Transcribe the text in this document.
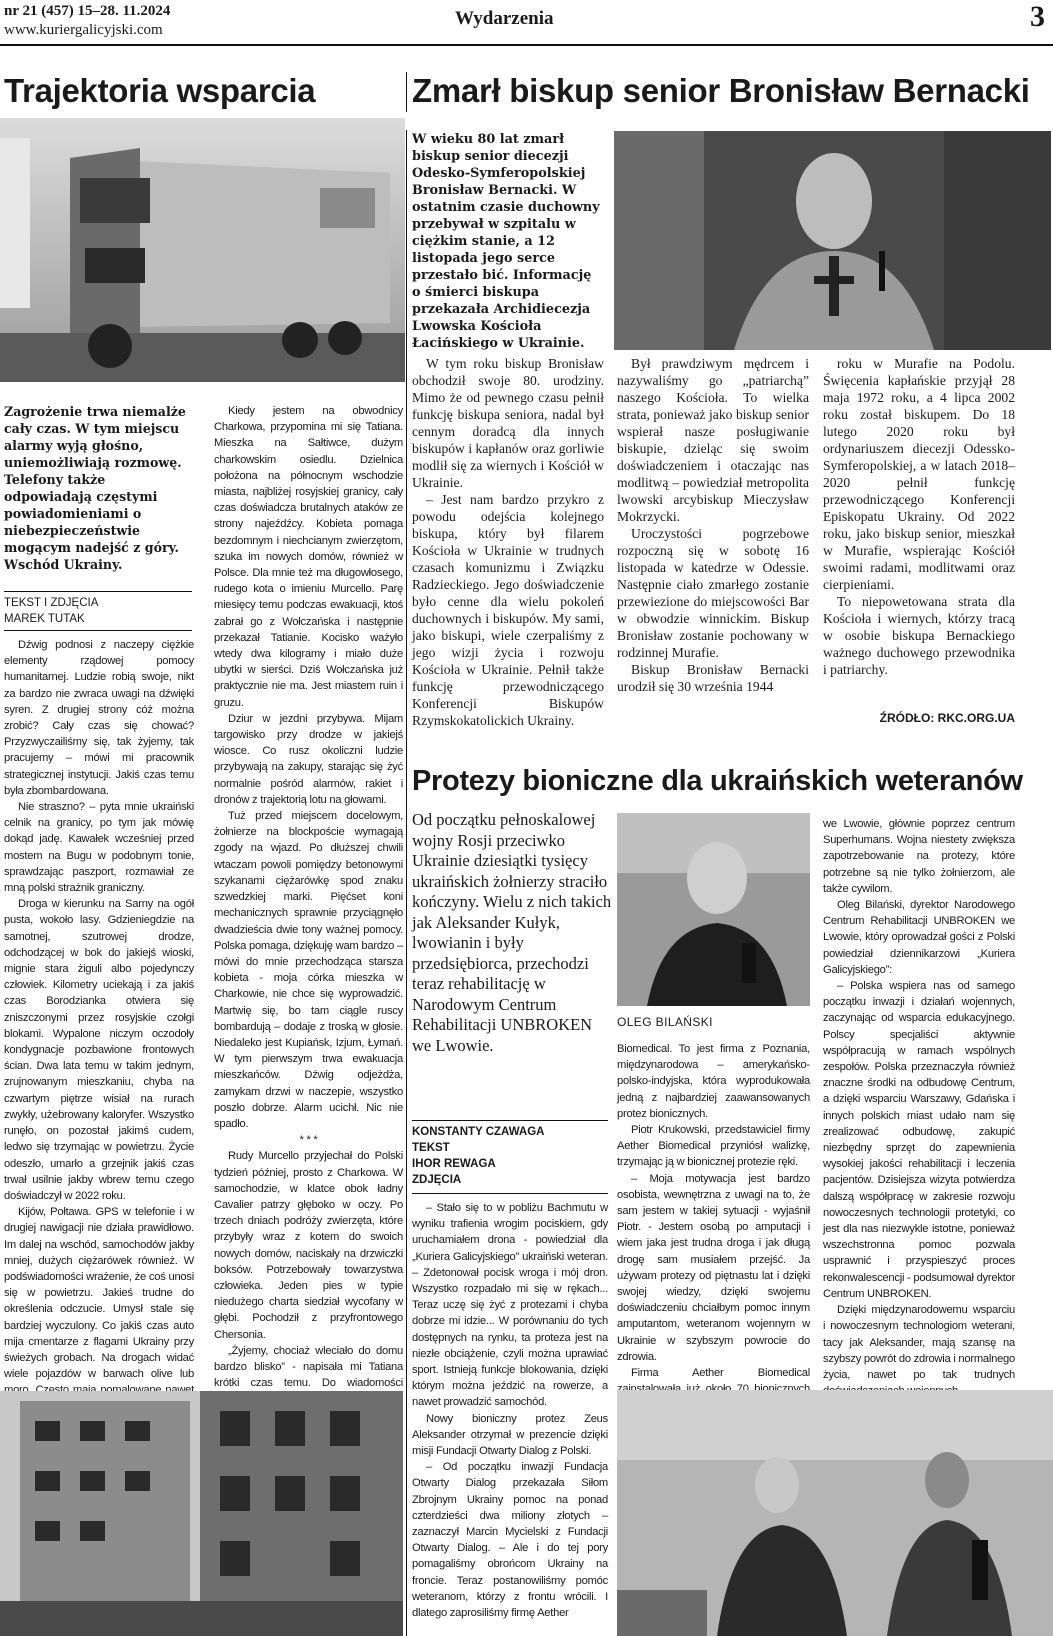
nr 21 (457) 15–28. 11.2024
www.kuriergalicyjski.com
Wydarzenia	3
Trajektoria wsparcia
Zagrożenie trwa niemalże cały czas. W tym miejscu alarmy wyją głośno, uniemożliwiają rozmowę. Telefony także odpowiadają częstymi powiadomieniami o niebezpieczeństwie mogącym nadejść z góry. Wschód Ukrainy.
TEKST I ZDJĘCIA
MAREK TUTAK

Dźwig podnosi z naczepy ciężkie elementy rządowej pomocy humanitarnej. Ludzie robią swoje, nikt za bardzo nie zwraca uwagi na dźwięki syren. Z drugiej strony cóż można zrobić? Cały czas się chować? Przyzwyczailiśmy się, tak żyjemy, tak pracujemy – mówi mi pracownik strategicznej instytucji. Jakiś czas temu była zbombardowana.

Nie straszno? – pyta mnie ukraiński celnik na granicy, po tym jak mówię dokąd jadę. Kawałek wcześniej przed mostem na Bugu w podobnym tonie, sprawdzając paszport, rozmawiał ze mną polski strażnik graniczny.

Droga w kierunku na Sarny na ogół pusta, wokoło lasy. Gdzieniegdzie na samotnej, szutrowej drodze, odchodzącej w bok do jakiejś wioski, mignie stara żiguli albo pojedynczy człowiek. Kilometry uciekają i za jakiś czas Borodzianka otwiera się zniszczonymi przez rosyjskie czołgi blokami. Wypalone niczym oczodoły kondygnacje pozbawione frontowych ścian. Dwa lata temu w takim jednym, zrujnowanym mieszkaniu, chyba na czwartym piętrze wisiał na rurach zwykły, użebrowany kaloryfer. Wszystko runęło, on pozostał jakimś cudem, ledwo się trzymając w powietrzu. Życie odeszło, umarło a grzejnik jakiś czas trwał usilnie jakby wbrew temu czego doświadczył w 2022 roku.

Kijów, Połtawa. GPS w telefonie i w drugiej nawigacji nie działa prawidłowo. Im dalej na wschód, samochodów jakby mniej, dużych ciężarówek również. W podświadomości wrażenie, że coś unosi się w powietrzu. Jakieś trudne do określenia odczucie. Umysł stale się bardziej wyczulony. Co jakiś czas auto mija cmentarze z flagami Ukrainy przy świeżych grobach. Na drogach widać wiele pojazdów w barwach olive lub

Kiedy jestem na obwodnicy Charkowa, przypomina mi się Tatiana. Mieszka na Sałtiwce, dużym charkowskim osiedlu. Dzielnica położona na północnym wschodzie miasta, najbliżej rosyjskiej granicy, cały czas doświadcza brutalnych ataków ze strony najeźdźcy. Kobieta pomaga bezdomnym i niechcianym zwierzętom, szuka im nowych domów, również w Polsce. Dla mnie też ma długowłosego, rudego kota o imieniu Murcello. Parę miesięcy temu podczas ewakuacji, ktoś zabrał go z Wołczańska i następnie przekazał Tatianie. Kocisko ważyło wtedy dwa kilogramy i miało duże ubytki w sierści. Dziś Wołczańska już praktycznie nie ma. Jest miastem ruin i gruzu.

Dziur w jezdni przybywa. Mijam targowisko przy drodze w jakiejś wiosce. Co rusz okoliczni ludzie przybywają na zakupy, starając się żyć normalnie pośród alarmów, rakiet i dronów z trajektorią lotu na głowami.

Tuż przed miejscem docelowym, żołnierze na blockpoście wymagają zgody na wjazd. Po dłuższej chwili wtaczam powoli pomiędzy betonowymi szykanami ciężarówkę spod znaku szwedzkiej marki. Pięćset koni mechanicznych sprawnie przyciągnęło dwadzieścia dwie tony ważnej pomocy. Polska pomaga, dziękuję wam bardzo – mówi do mnie przechodząca starsza kobieta - moja córka mieszka w Charkowie, nie chce się wyprowadzić. Martwię się, bo tam ciągle ruscy bombardują – dodaje z troską w głosie. Niedaleko jest Kupiańsk, Izjum, Łymań. W tym pierwszym trwa ewakuacja mieszkańców. Dźwig odjeżdża, zamykam drzwi w naczepie, wszystko poszło dobrze. Alarm ucichł. Nic nie spadło.

* * *

Rudy Murcello przyjechał do Polski tydzień później, prosto z Charkowa. W samochodzie, w klatce obok ładny Cavalier patrzy głęboko w oczy. Po trzech dniach podróży zwierzęta, które przybyły wraz z kotem do swoich nowych domów, naciskały na drzwiczki boksów. Potrzebowały towarzystwa człowieka. Jeden pies w typie niedużego charta siedział wycofany w głębi. Pochodził z przyfrontowego Chersonia.

„Żyjemy, chociaż wleciało do domu bardzo blisko” - napisała mi Tatiana krótki czas temu. Do wiadomości

Zmarł biskup senior Bronisław Bernacki
W wieku 80 lat zmarł biskup senior diecezji Odesko-Symferopolskiej Bronisław Bernacki. W ostatnim czasie duchowny przebywał w szpitalu w ciężkim stanie, a 12 listopada jego serce przestało bić. Informację o śmierci biskupa przekazała Archidiecezja Lwowska Kościoła Łacińskiego w Ukrainie.

W tym roku biskup Bronisław obchodził swoje 80. urodziny. Mimo że od pewnego czasu pełnił funkcję biskupa seniora, nadal był cennym doradcą dla innych biskupów i kapłanów oraz gorliwie modlił się za wiernych i Kościół w Ukrainie.

– Jest nam bardzo przykro z powodu odejścia kolejnego biskupa, który był filarem Kościoła w Ukrainie w trudnych czasach komunizmu i Związku Radzieckiego. Jego doświadczenie było cenne dla wielu pokoleń duchownych i biskupów. My sami, jako biskupi, wiele czerpaliśmy z jego wizji życia i rozwoju Kościoła w Ukrainie. Pełnił także funkcję przewodniczącego Konferencji Biskupów Rzymskokatolickich Ukrainy.

Był prawdziwym mędrcem i nazywaliśmy go „patriarchą” naszego Kościoła. To wielka strata, ponieważ jako biskup senior wspierał nasze posługiwanie biskupie, dzieląc się swoim doświadczeniem i otaczając nas modlitwą – powiedział metropolita lwowski arcybiskup Mieczysław Mokrzycki.

Uroczystości pogrzebowe rozpoczną się w sobotę 16 listopada w katedrze w Odessie. Następnie ciało zmarłego zostanie przewiezione do miejscowości Bar w obwodzie winnickim. Biskup Bronisław zostanie pochowany w rodzinnej Murafie.

Biskup Bronisław Bernacki urodził się 30 września 1944

roku w Murafie na Podolu. Święcenia kapłańskie przyjął 28 maja 1972 roku, a 4 lipca 2002 roku został biskupem. Do 18 lutego 2020 roku był ordynariuszem diecezji Odessko-Symferopolskiej, a w latach 2018–2020 pełnił funkcję przewodniczącego Konferencji Episkopatu Ukrainy. Od 2022 roku, jako biskup senior, mieszkał w Murafie, wspierając Kościół swoimi radami, modlitwami oraz cierpieniami.

To niepowetowana strata dla Kościoła i wiernych, którzy tracą w osobie biskupa Bernackiego ważnego duchowego przewodnika i patriarchy.

ŹRÓDŁO: RKC.ORG.UA
Protezy bioniczne dla ukraińskich weteranów
Od początku pełnoskalowej wojny Rosji przeciwko Ukrainie dziesiątki tysięcy ukraińskich żołnierzy straciło kończyny. Wielu z nich takich jak Aleksander Kułyk, lwowianin i były przedsiębiorca, przechodzi teraz rehabilitację w Narodowym Centrum Rehabilitacji UNBROKEN we Lwowie.
KONSTANTY CZAWAGA
TEKST
IHOR REWAGA
ZDJĘCIA

– Stało się to w pobliżu Bachmutu w wyniku trafienia wrogim pociskiem, gdy uruchamiałem drona - powiedział dla „Kuriera Galicyjskiego” ukraiński weteran. – Zdetonował pocisk wroga i mój dron. Wszystko rozpadało mi się w rękach... Teraz uczę się żyć z protezami i chyba dobrze mi idzie... W porównaniu do tych dostępnych na rynku, ta proteza jest na niezłe obciążenie, czyli można uprawiać sport. Istnieją funkcje blokowania, dzięki którym można jeździć na rowerze, a nawet prowadzić samochód.

Nowy bioniczny protez Zeus Aleksander otrzymał w prezencie dzięki misji Fundacji Otwarty Dialog z Polski.

– Od początku inwazji Fundacja Otwarty Dialog przekazała Siłom Zbrojnym Ukrainy pomoc na ponad czterdzieści dwa miliony złotych – zaznaczył Marcin Mycielski z Fundacji Otwarty Dialog. – Ale i do tej pory pomagaliśmy obrońcom Ukrainy na froncie. Teraz postanowiliśmy pomóc weteranom, którzy z frontu wrócili. I dlatego zaprosiliśmy firmę Aether

OLEG BILAŃSKI

Biomedical. To jest firma z Poznania, międzynarodowa – amerykańsko-polsko-indyjska, która wyprodukowała jedną z najbardziej zaawansowanych protez bionicznych.

Piotr Krukowski, przedstawiciel firmy Aether Biomedical przyniósł walizkę, trzymając ją w bionicznej protezie ręki.

– Moja motywacja jest bardzo osobista, wewnętrzna z uwagi na to, że sam jestem w takiej sytuacji - wyjaśnił Piotr. - Jestem osobą po amputacji i wiem jaka jest trudna droga i jak długą drogę sam musiałem przejść. Ja używam protezy od piętnastu lat i dzięki swojej wiedzy, dzięki swojemu doświadczeniu chciałbym pomoc innym amputantom, weteranom wojennym w Ukrainie w szybszym powrocie do zdrowia.

Firma Aether Biomedical

we Lwowie, głównie poprzez centrum Superhumans. Wojna niestety zwiększa zapotrzebowanie na protezy, które potrzebne są nie tylko żołnierzom, ale także cywilom.

Oleg Bilański, dyrektor Narodowego Centrum Rehabilitacji UNBROKEN we Lwowie, który oprowadzał gości z Polski powiedział dziennikarzowi „Kuriera Galicyjskiego”:

– Polska wspiera nas od samego początku inwazji i działań wojennych, zaczynając od wsparcia edukacyjnego. Polscy specjaliści aktywnie współpracują w ramach wspólnych zespołów. Polska przeznaczyła również znaczne środki na odbudowę Centrum, a dzięki wsparciu Warszawy, Gdańska i innych polskich miast udało nam się zrealizować odbudowę, zakupić niezbędny sprzęt do zapewnienia wysokiej jakości rehabilitacji i leczenia pacjentów. Dzisiejsza wizyta potwierdza dalszą współpracę w zakresie rozwoju nowoczesnych technologii protetyki, co jest dla nas niezwykle istotne, ponieważ wszechstronna pomoc pozwala usprawnić i przyspieszyć proces rekonwalescencji - podsumował dyrektor Centrum UNBROKEN.

Dzięki międzynarodowemu wsparciu i nowoczesnym technologiom weterani, tacy jak Aleksander, mają szansę na szybszy powrót do zdrowia i normalnego życia, nawet po tak trudnych
